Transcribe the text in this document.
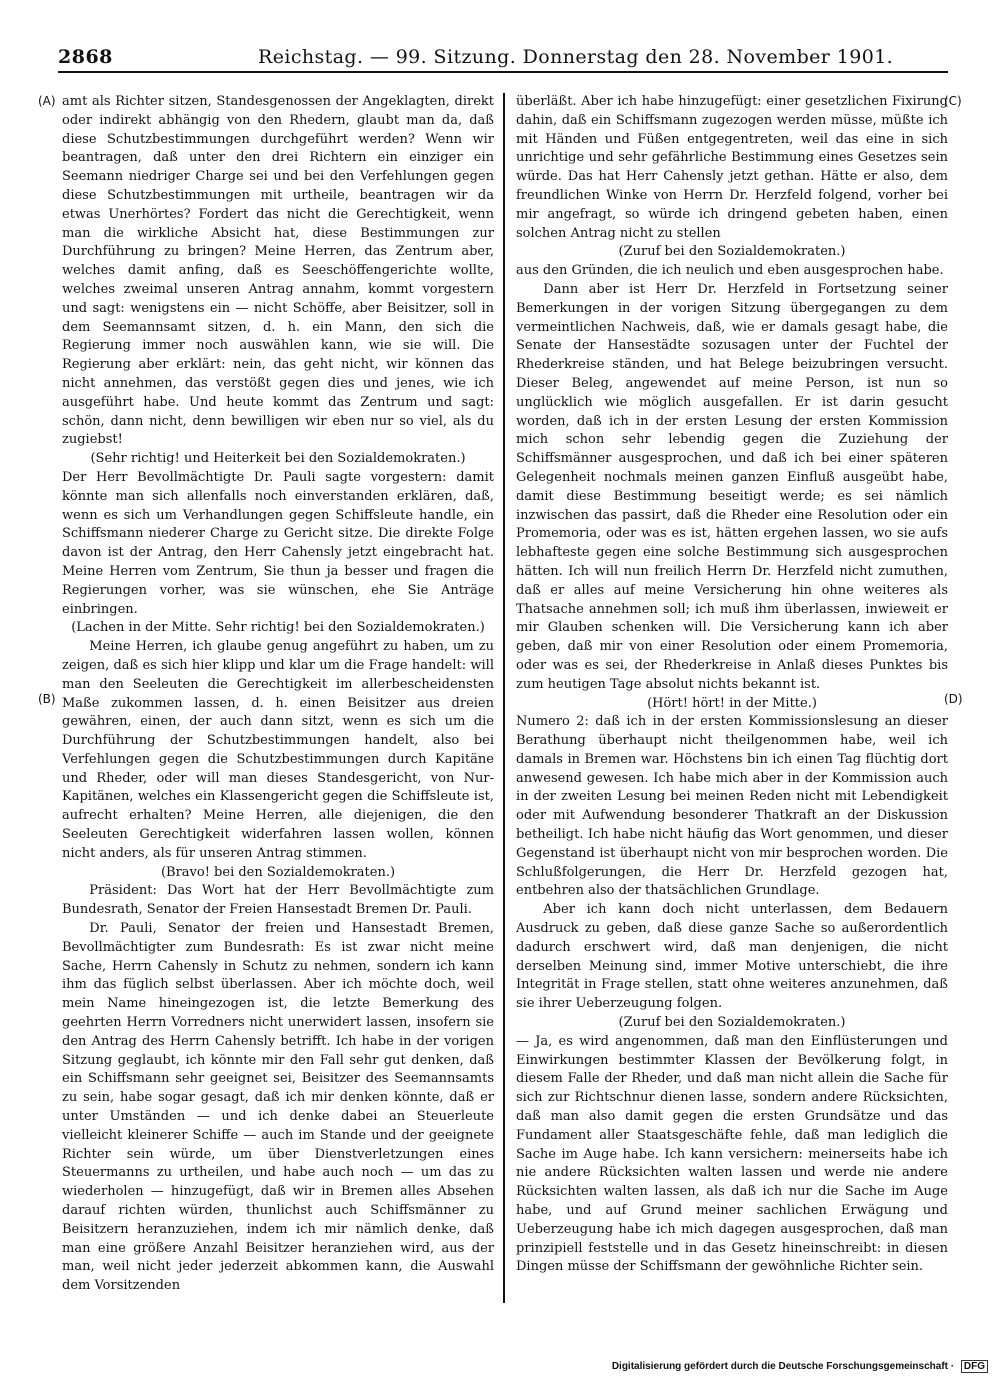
2868	Reichstag. — 99. Sitzung. Donnerstag den 28. November 1901.
(A)
(B)
(C)
(D)

amt als Richter sitzen, Standesgenossen der Angeklagten, direkt oder indirekt abhängig von den Rhedern, glaubt man da, daß diese Schutzbestimmungen durchgeführt werden? Wenn wir beantragen, daß unter den drei Richtern ein einziger ein Seemann niedriger Charge sei und bei den Verfehlungen gegen diese Schutzbestimmungen mit urtheile, beantragen wir da etwas Unerhörtes? Fordert das nicht die Gerechtigkeit, wenn man die wirkliche Absicht hat, diese Bestimmungen zur Durchführung zu bringen? Meine Herren, das Zentrum aber, welches damit anfing, daß es Seeschöffengerichte wollte, welches zweimal unseren Antrag annahm, kommt vorgestern und sagt: wenigstens ein — nicht Schöffe, aber Beisitzer, soll in dem Seemannsamt sitzen, d. h. ein Mann, den sich die Regierung immer noch auswählen kann, wie sie will. Die Regierung aber erklärt: nein, das geht nicht, wir können das nicht annehmen, das verstößt gegen dies und jenes, wie ich ausgeführt habe. Und heute kommt das Zentrum und sagt: schön, dann nicht, denn bewilligen wir eben nur so viel, als du zugiebst!

(Sehr richtig! und Heiterkeit bei den Sozialdemokraten.)

Der Herr Bevollmächtigte Dr. Pauli sagte vorgestern: damit könnte man sich allenfalls noch einverstanden erklären, daß, wenn es sich um Verhandlungen gegen Schiffsleute handle, ein Schiffsmann niederer Charge zu Gericht sitze. Die direkte Folge davon ist der Antrag, den Herr Cahensly jetzt eingebracht hat. Meine Herren vom Zentrum, Sie thun ja besser und fragen die Regierungen vorher, was sie wünschen, ehe Sie Anträge einbringen.

(Lachen in der Mitte. Sehr richtig! bei den Sozialdemokraten.)

Meine Herren, ich glaube genug angeführt zu haben, um zu zeigen, daß es sich hier klipp und klar um die Frage handelt: will man den Seeleuten die Gerechtigkeit im allerbescheidensten Maße zukommen lassen, d. h. einen Beisitzer aus dreien gewähren, einen, der auch dann sitzt, wenn es sich um die Durchführung der Schutzbestimmungen handelt, also bei Verfehlungen gegen die Schutzbestimmungen durch Kapitäne und Rheder, oder will man dieses Standesgericht, von Nur-Kapitänen, welches ein Klassengericht gegen die Schiffsleute ist, aufrecht erhalten? Meine Herren, alle diejenigen, die den Seeleuten Gerechtigkeit widerfahren lassen wollen, können nicht anders, als für unseren Antrag stimmen.

(Bravo! bei den Sozialdemokraten.)

Präsident: Das Wort hat der Herr Bevollmächtigte zum Bundesrath, Senator der Freien Hansestadt Bremen Dr. Pauli.

Dr. Pauli, Senator der freien und Hansestadt Bremen, Bevollmächtigter zum Bundesrath: Es ist zwar nicht meine Sache, Herrn Cahensly in Schutz zu nehmen, sondern ich kann ihm das füglich selbst überlassen. Aber ich möchte doch, weil mein Name hineingezogen ist, die letzte Bemerkung des geehrten Herrn Vorredners nicht unerwidert lassen, insofern sie den Antrag des Herrn Cahensly betrifft. Ich habe in der vorigen Sitzung geglaubt, ich könnte mir den Fall sehr gut denken, daß ein Schiffsmann sehr geeignet sei, Beisitzer des Seemannsamts zu sein, habe sogar gesagt, daß ich mir denken könnte, daß er unter Umständen — und ich denke dabei an Steuerleute vielleicht kleinerer Schiffe — auch im Stande und der geeignete Richter sein würde, um über Dienstverletzungen eines Steuermanns zu urtheilen, und habe auch noch — um das zu wiederholen — hinzugefügt, daß wir in Bremen alles Absehen darauf richten würden, thunlichst auch Schiffsmänner zu Beisitzern heranzuziehen, indem ich mir nämlich denke, daß man eine größere Anzahl Beisitzer heranziehen wird, aus der man, weil nicht jeder jederzeit abkommen kann, die Auswahl dem Vorsitzenden

überläßt. Aber ich habe hinzugefügt: einer gesetzlichen Fixirung dahin, daß ein Schiffsmann zugezogen werden müsse, müßte ich mit Händen und Füßen entgegentreten, weil das eine in sich unrichtige und sehr gefährliche Bestimmung eines Gesetzes sein würde. Das hat Herr Cahensly jetzt gethan. Hätte er also, dem freundlichen Winke von Herrn Dr. Herzfeld folgend, vorher bei mir angefragt, so würde ich dringend gebeten haben, einen solchen Antrag nicht zu stellen

(Zuruf bei den Sozialdemokraten.)

aus den Gründen, die ich neulich und eben ausgesprochen habe.

Dann aber ist Herr Dr. Herzfeld in Fortsetzung seiner Bemerkungen in der vorigen Sitzung übergegangen zu dem vermeintlichen Nachweis, daß, wie er damals gesagt habe, die Senate der Hansestädte sozusagen unter der Fuchtel der Rhederkreise ständen, und hat Belege beizubringen versucht. Dieser Beleg, angewendet auf meine Person, ist nun so unglücklich wie möglich ausgefallen. Er ist darin gesucht worden, daß ich in der ersten Lesung der ersten Kommission mich schon sehr lebendig gegen die Zuziehung der Schiffsmänner ausgesprochen, und daß ich bei einer späteren Gelegenheit nochmals meinen ganzen Einfluß ausgeübt habe, damit diese Bestimmung beseitigt werde; es sei nämlich inzwischen das passirt, daß die Rheder eine Resolution oder ein Promemoria, oder was es ist, hätten ergehen lassen, wo sie aufs lebhafteste gegen eine solche Bestimmung sich ausgesprochen hätten. Ich will nun freilich Herrn Dr. Herzfeld nicht zumuthen, daß er alles auf meine Versicherung hin ohne weiteres als Thatsache annehmen soll; ich muß ihm überlassen, inwieweit er mir Glauben schenken will. Die Versicherung kann ich aber geben, daß mir von einer Resolution oder einem Promemoria, oder was es sei, der Rhederkreise in Anlaß dieses Punktes bis zum heutigen Tage absolut nichts bekannt ist.

(Hört! hört! in der Mitte.)

Numero 2: daß ich in der ersten Kommissionslesung an dieser Berathung überhaupt nicht theilgenommen habe, weil ich damals in Bremen war. Höchstens bin ich einen Tag flüchtig dort anwesend gewesen. Ich habe mich aber in der Kommission auch in der zweiten Lesung bei meinen Reden nicht mit Lebendigkeit oder mit Aufwendung besonderer Thatkraft an der Diskussion betheiligt. Ich habe nicht häufig das Wort genommen, und dieser Gegenstand ist überhaupt nicht von mir besprochen worden. Die Schlußfolgerungen, die Herr Dr. Herzfeld gezogen hat, entbehren also der thatsächlichen Grundlage.

Aber ich kann doch nicht unterlassen, dem Bedauern Ausdruck zu geben, daß diese ganze Sache so außerordentlich dadurch erschwert wird, daß man denjenigen, die nicht derselben Meinung sind, immer Motive unterschiebt, die ihre Integrität in Frage stellen, statt ohne weiteres anzunehmen, daß sie ihrer Ueberzeugung folgen.

(Zuruf bei den Sozialdemokraten.)

— Ja, es wird angenommen, daß man den Einflüsterungen und Einwirkungen bestimmter Klassen der Bevölkerung folgt, in diesem Falle der Rheder, und daß man nicht allein die Sache für sich zur Richtschnur dienen lasse, sondern andere Rücksichten, daß man also damit gegen die ersten Grundsätze und das Fundament aller Staatsgeschäfte fehle, daß man lediglich die Sache im Auge habe. Ich kann versichern: meinerseits habe ich nie andere Rücksichten walten lassen und werde nie andere Rücksichten walten lassen, als daß ich nur die Sache im Auge habe, und auf Grund meiner sachlichen Erwägung und Ueberzeugung habe ich mich dagegen ausgesprochen, daß man prinzipiell feststelle und in das Gesetz hineinschreibt: in diesen Dingen müsse der Schiffsmann der gewöhnliche Richter sein.

Digitalisierung gefördert durch die Deutsche Forschungsgemeinschaft · DFG
